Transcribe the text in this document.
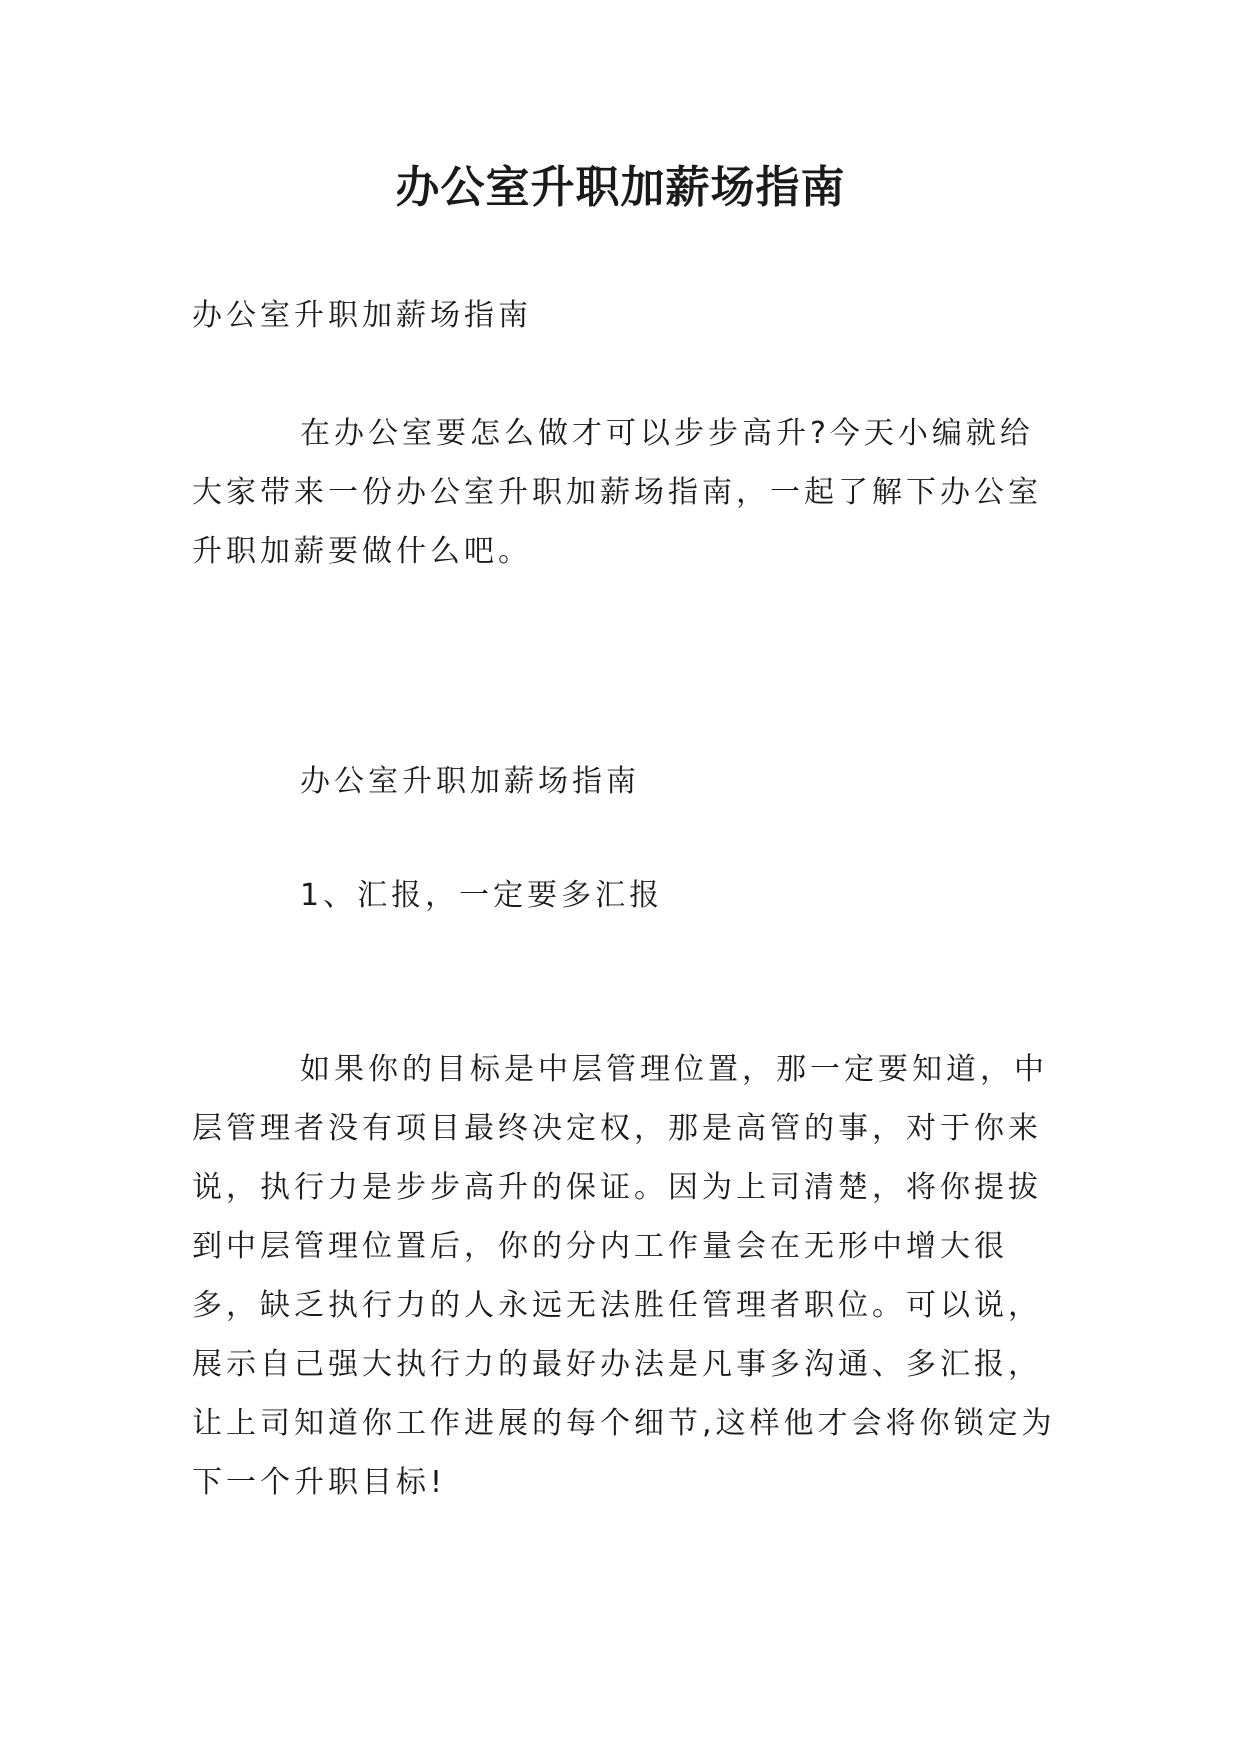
办公室升职加薪场指南

办公室升职加薪场指南

在办公室要怎么做才可以步步高升?今天小编就给大家带来一份办公室升职加薪场指南，一起了解下办公室升职加薪要做什么吧。

办公室升职加薪场指南

1、汇报，一定要多汇报

如果你的目标是中层管理位置，那一定要知道，中层管理者没有项目最终决定权，那是高管的事，对于你来说，执行力是步步高升的保证。因为上司清楚，将你提拔到中层管理位置后，你的分内工作量会在无形中增大很多，缺乏执行力的人永远无法胜任管理者职位。可以说，展示自己强大执行力的最好办法是凡事多沟通、多汇报，让上司知道你工作进展的每个细节,这样他才会将你锁定为下一个升职目标!
